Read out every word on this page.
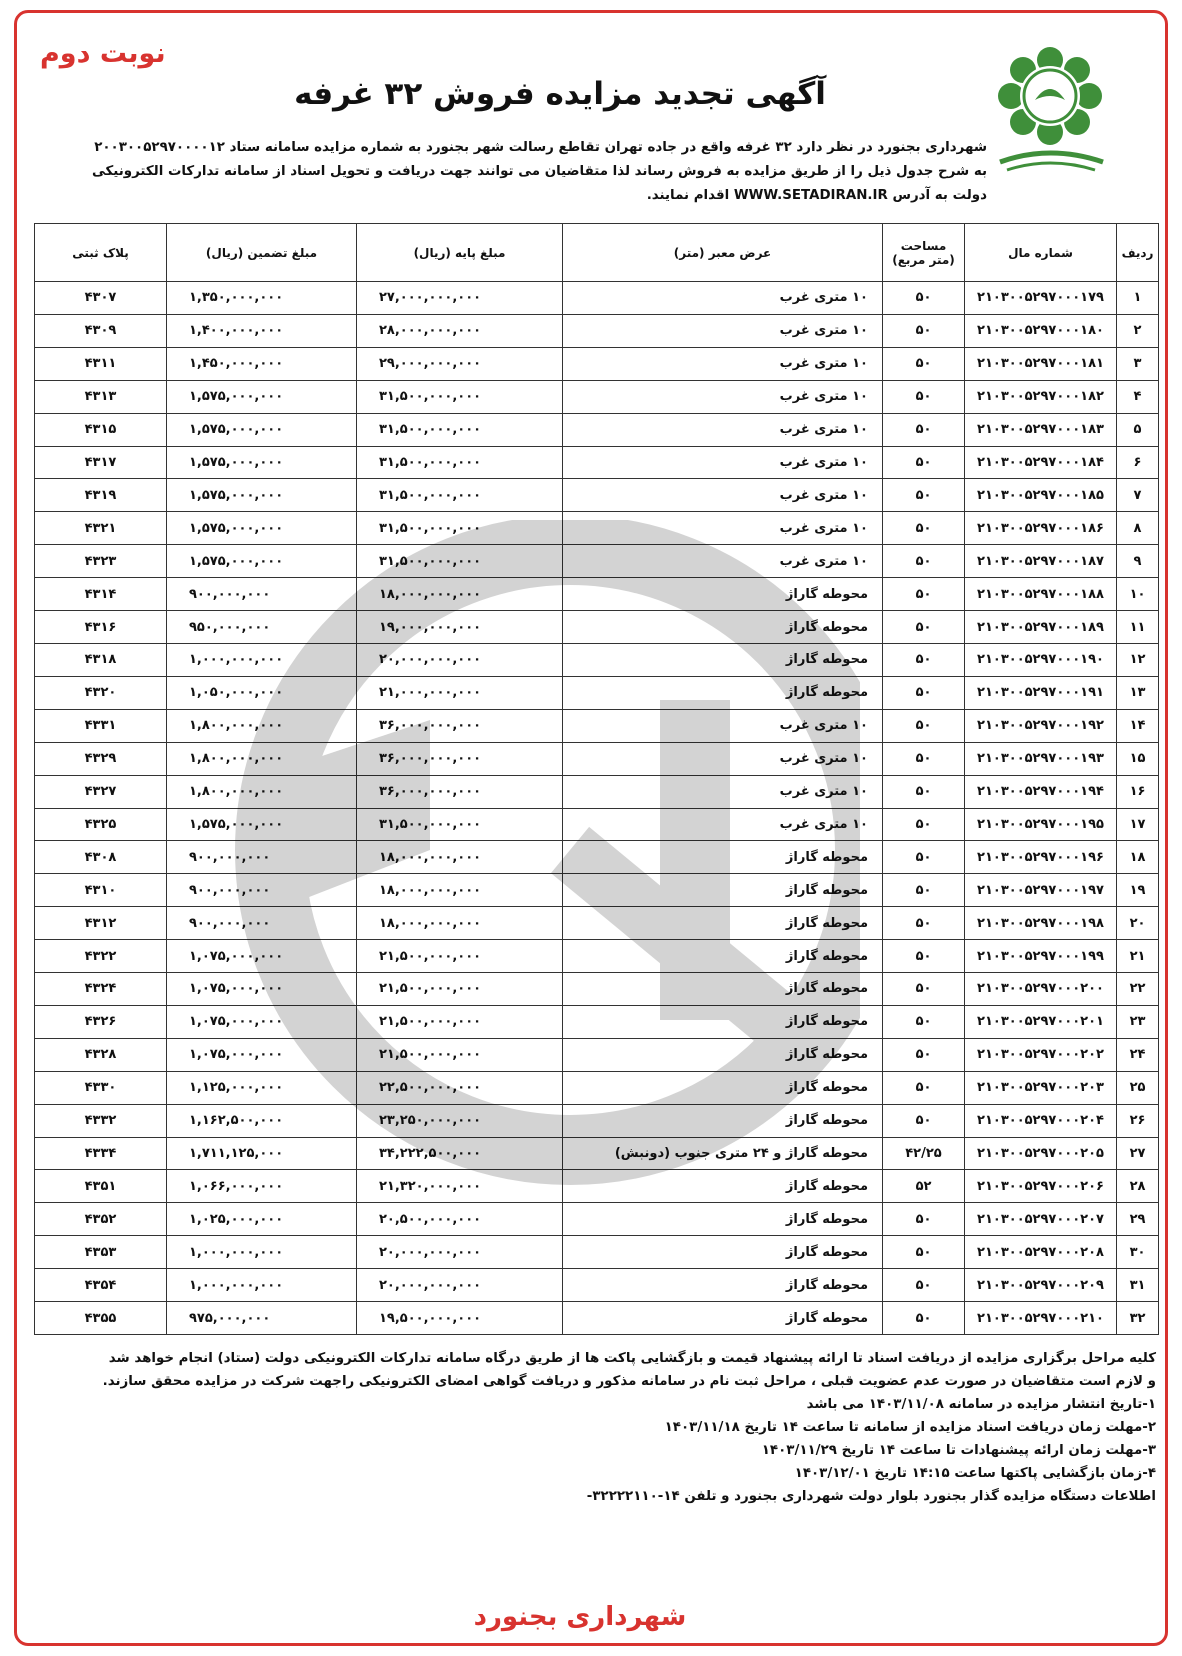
نوبت دوم
آگهی تجدید مزایده فروش ۳۲ غرفه

شهرداری بجنورد در نظر دارد ۳۲ غرفه واقع در جاده تهران تقاطع رسالت شهر بجنورد به شماره مزایده سامانه ستاد ۲۰۰۳۰۰۵۲۹۷۰۰۰۰۱۲

به شرح جدول ذیل را از طریق مزایده به فروش رساند لذا متقاضیان می توانند جهت دریافت و تحویل اسناد از سامانه تدارکات الکترونیکی

دولت به آدرس WWW.SETADIRAN.IR اقدام نمایند.

ردیف	شماره مال	مساحت
(متر مربع)	عرض معبر (متر)	مبلغ پایه (ریال)	مبلغ تضمین (ریال)	پلاک ثبتی
۱	۲۱۰۳۰۰۵۲۹۷۰۰۰۱۷۹	۵۰	۱۰ متری غرب	۲۷,۰۰۰,۰۰۰,۰۰۰	۱,۳۵۰,۰۰۰,۰۰۰	۴۳۰۷
۲	۲۱۰۳۰۰۵۲۹۷۰۰۰۱۸۰	۵۰	۱۰ متری غرب	۲۸,۰۰۰,۰۰۰,۰۰۰	۱,۴۰۰,۰۰۰,۰۰۰	۴۳۰۹
۳	۲۱۰۳۰۰۵۲۹۷۰۰۰۱۸۱	۵۰	۱۰ متری غرب	۲۹,۰۰۰,۰۰۰,۰۰۰	۱,۴۵۰,۰۰۰,۰۰۰	۴۳۱۱
۴	۲۱۰۳۰۰۵۲۹۷۰۰۰۱۸۲	۵۰	۱۰ متری غرب	۳۱,۵۰۰,۰۰۰,۰۰۰	۱,۵۷۵,۰۰۰,۰۰۰	۴۳۱۳
۵	۲۱۰۳۰۰۵۲۹۷۰۰۰۱۸۳	۵۰	۱۰ متری غرب	۳۱,۵۰۰,۰۰۰,۰۰۰	۱,۵۷۵,۰۰۰,۰۰۰	۴۳۱۵
۶	۲۱۰۳۰۰۵۲۹۷۰۰۰۱۸۴	۵۰	۱۰ متری غرب	۳۱,۵۰۰,۰۰۰,۰۰۰	۱,۵۷۵,۰۰۰,۰۰۰	۴۳۱۷
۷	۲۱۰۳۰۰۵۲۹۷۰۰۰۱۸۵	۵۰	۱۰ متری غرب	۳۱,۵۰۰,۰۰۰,۰۰۰	۱,۵۷۵,۰۰۰,۰۰۰	۴۳۱۹
۸	۲۱۰۳۰۰۵۲۹۷۰۰۰۱۸۶	۵۰	۱۰ متری غرب	۳۱,۵۰۰,۰۰۰,۰۰۰	۱,۵۷۵,۰۰۰,۰۰۰	۴۳۲۱
۹	۲۱۰۳۰۰۵۲۹۷۰۰۰۱۸۷	۵۰	۱۰ متری غرب	۳۱,۵۰۰,۰۰۰,۰۰۰	۱,۵۷۵,۰۰۰,۰۰۰	۴۳۲۳
۱۰	۲۱۰۳۰۰۵۲۹۷۰۰۰۱۸۸	۵۰	محوطه گاراژ	۱۸,۰۰۰,۰۰۰,۰۰۰	۹۰۰,۰۰۰,۰۰۰	۴۳۱۴
۱۱	۲۱۰۳۰۰۵۲۹۷۰۰۰۱۸۹	۵۰	محوطه گاراژ	۱۹,۰۰۰,۰۰۰,۰۰۰	۹۵۰,۰۰۰,۰۰۰	۴۳۱۶
۱۲	۲۱۰۳۰۰۵۲۹۷۰۰۰۱۹۰	۵۰	محوطه گاراژ	۲۰,۰۰۰,۰۰۰,۰۰۰	۱,۰۰۰,۰۰۰,۰۰۰	۴۳۱۸
۱۳	۲۱۰۳۰۰۵۲۹۷۰۰۰۱۹۱	۵۰	محوطه گاراژ	۲۱,۰۰۰,۰۰۰,۰۰۰	۱,۰۵۰,۰۰۰,۰۰۰	۴۳۲۰
۱۴	۲۱۰۳۰۰۵۲۹۷۰۰۰۱۹۲	۵۰	۱۰ متری غرب	۳۶,۰۰۰,۰۰۰,۰۰۰	۱,۸۰۰,۰۰۰,۰۰۰	۴۳۳۱
۱۵	۲۱۰۳۰۰۵۲۹۷۰۰۰۱۹۳	۵۰	۱۰ متری غرب	۳۶,۰۰۰,۰۰۰,۰۰۰	۱,۸۰۰,۰۰۰,۰۰۰	۴۳۲۹
۱۶	۲۱۰۳۰۰۵۲۹۷۰۰۰۱۹۴	۵۰	۱۰ متری غرب	۳۶,۰۰۰,۰۰۰,۰۰۰	۱,۸۰۰,۰۰۰,۰۰۰	۴۳۲۷
۱۷	۲۱۰۳۰۰۵۲۹۷۰۰۰۱۹۵	۵۰	۱۰ متری غرب	۳۱,۵۰۰,۰۰۰,۰۰۰	۱,۵۷۵,۰۰۰,۰۰۰	۴۳۲۵
۱۸	۲۱۰۳۰۰۵۲۹۷۰۰۰۱۹۶	۵۰	محوطه گاراژ	۱۸,۰۰۰,۰۰۰,۰۰۰	۹۰۰,۰۰۰,۰۰۰	۴۳۰۸
۱۹	۲۱۰۳۰۰۵۲۹۷۰۰۰۱۹۷	۵۰	محوطه گاراژ	۱۸,۰۰۰,۰۰۰,۰۰۰	۹۰۰,۰۰۰,۰۰۰	۴۳۱۰
۲۰	۲۱۰۳۰۰۵۲۹۷۰۰۰۱۹۸	۵۰	محوطه گاراژ	۱۸,۰۰۰,۰۰۰,۰۰۰	۹۰۰,۰۰۰,۰۰۰	۴۳۱۲
۲۱	۲۱۰۳۰۰۵۲۹۷۰۰۰۱۹۹	۵۰	محوطه گاراژ	۲۱,۵۰۰,۰۰۰,۰۰۰	۱,۰۷۵,۰۰۰,۰۰۰	۴۳۲۲
۲۲	۲۱۰۳۰۰۵۲۹۷۰۰۰۲۰۰	۵۰	محوطه گاراژ	۲۱,۵۰۰,۰۰۰,۰۰۰	۱,۰۷۵,۰۰۰,۰۰۰	۴۳۲۴
۲۳	۲۱۰۳۰۰۵۲۹۷۰۰۰۲۰۱	۵۰	محوطه گاراژ	۲۱,۵۰۰,۰۰۰,۰۰۰	۱,۰۷۵,۰۰۰,۰۰۰	۴۳۲۶
۲۴	۲۱۰۳۰۰۵۲۹۷۰۰۰۲۰۲	۵۰	محوطه گاراژ	۲۱,۵۰۰,۰۰۰,۰۰۰	۱,۰۷۵,۰۰۰,۰۰۰	۴۳۲۸
۲۵	۲۱۰۳۰۰۵۲۹۷۰۰۰۲۰۳	۵۰	محوطه گاراژ	۲۲,۵۰۰,۰۰۰,۰۰۰	۱,۱۲۵,۰۰۰,۰۰۰	۴۳۳۰
۲۶	۲۱۰۳۰۰۵۲۹۷۰۰۰۲۰۴	۵۰	محوطه گاراژ	۲۳,۲۵۰,۰۰۰,۰۰۰	۱,۱۶۲,۵۰۰,۰۰۰	۴۳۳۲
۲۷	۲۱۰۳۰۰۵۲۹۷۰۰۰۲۰۵	۴۲/۲۵	محوطه گاراژ و ۲۴ متری جنوب (دونبش)	۳۴,۲۲۲,۵۰۰,۰۰۰	۱,۷۱۱,۱۲۵,۰۰۰	۴۳۳۴
۲۸	۲۱۰۳۰۰۵۲۹۷۰۰۰۲۰۶	۵۲	محوطه گاراژ	۲۱,۳۲۰,۰۰۰,۰۰۰	۱,۰۶۶,۰۰۰,۰۰۰	۴۳۵۱
۲۹	۲۱۰۳۰۰۵۲۹۷۰۰۰۲۰۷	۵۰	محوطه گاراژ	۲۰,۵۰۰,۰۰۰,۰۰۰	۱,۰۲۵,۰۰۰,۰۰۰	۴۳۵۲
۳۰	۲۱۰۳۰۰۵۲۹۷۰۰۰۲۰۸	۵۰	محوطه گاراژ	۲۰,۰۰۰,۰۰۰,۰۰۰	۱,۰۰۰,۰۰۰,۰۰۰	۴۳۵۳
۳۱	۲۱۰۳۰۰۵۲۹۷۰۰۰۲۰۹	۵۰	محوطه گاراژ	۲۰,۰۰۰,۰۰۰,۰۰۰	۱,۰۰۰,۰۰۰,۰۰۰	۴۳۵۴
۳۲	۲۱۰۳۰۰۵۲۹۷۰۰۰۲۱۰	۵۰	محوطه گاراژ	۱۹,۵۰۰,۰۰۰,۰۰۰	۹۷۵,۰۰۰,۰۰۰	۴۳۵۵

کلیه مراحل برگزاری مزایده از دریافت اسناد تا ارائه پیشنهاد قیمت و بازگشایی پاکت ها از طریق درگاه سامانه تدارکات الکترونیکی دولت (ستاد) انجام خواهد شد

و لازم است متقاضیان در صورت عدم عضویت قبلی ، مراحل ثبت نام در سامانه مذکور و دریافت گواهی امضای الکترونیکی راجهت شرکت در مزایده محقق سازند.

۱-تاریخ انتشار مزایده در سامانه ۱۴۰۳/۱۱/۰۸ می باشد

۲-مهلت زمان دریافت اسناد مزایده از سامانه تا ساعت ۱۴ تاریخ ۱۴۰۳/۱۱/۱۸

۳-مهلت زمان ارائه پیشنهادات تا ساعت ۱۴ تاریخ ۱۴۰۳/۱۱/۲۹

۴-زمان بازگشایی پاکتها ساعت ۱۴:۱۵ تاریخ ۱۴۰۳/۱۲/۰۱

اطلاعات دستگاه مزایده گذار بجنورد بلوار دولت شهرداری بجنورد و تلفن ۱۴-۳۲۲۲۲۱۱۰-

شهرداری بجنورد
